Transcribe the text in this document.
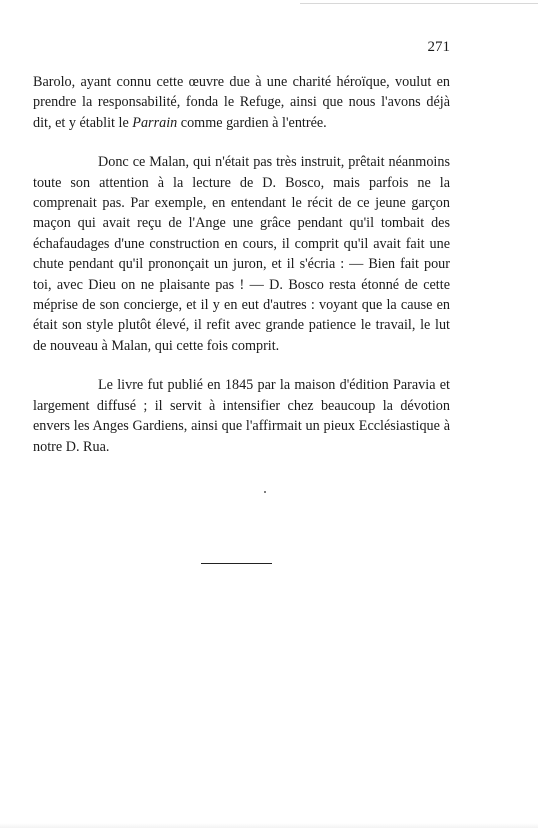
271

Barolo, ayant connu cette œuvre due à une charité héroïque, voulut en prendre la responsabilité, fonda le Refuge, ainsi que nous l'avons déjà dit, et y établit le Parrain comme gardien à l'entrée.

Donc ce Malan, qui n'était pas très instruit, prêtait néanmoins toute son attention à la lecture de D. Bosco, mais parfois ne la comprenait pas. Par exemple, en entendant le récit de ce jeune garçon maçon qui avait reçu de l'Ange une grâce pendant qu'il tombait des échafaudages d'une construction en cours, il comprit qu'il avait fait une chute pendant qu'il prononçait un juron, et il s'écria : — Bien fait pour toi, avec Dieu on ne plaisante pas ! — D. Bosco resta étonné de cette méprise de son concierge, et il y en eut d'autres : voyant que la cause en était son style plutôt élevé, il refit avec grande patience le travail, le lut de nouveau à Malan, qui cette fois comprit.

Le livre fut publié en 1845 par la maison d'édition Paravia et largement diffusé ; il servit à intensifier chez beaucoup la dévotion envers les Anges Gardiens, ainsi que l'affirmait un pieux Ecclésiastique à notre D. Rua.
